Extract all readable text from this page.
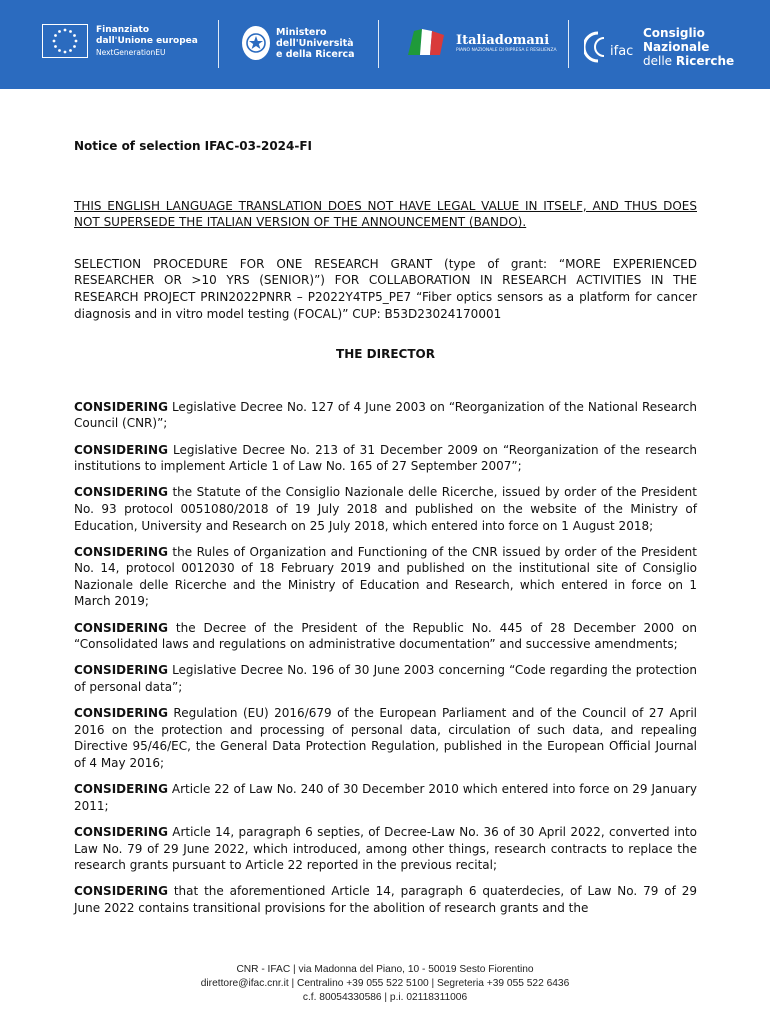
Finanziato
dall'Unione europea
NextGenerationEU
Ministero
dell'Università
e della Ricerca
Italiadomani
PIANO NAZIONALE DI RIPRESA E RESILIENZA	ifac
Consiglio Nazionale
delle Ricerche

Notice of selection IFAC-03-2024-FI

THIS ENGLISH LANGUAGE TRANSLATION DOES NOT HAVE LEGAL VALUE IN ITSELF, AND THUS DOES NOT SUPERSEDE THE ITALIAN VERSION OF THE ANNOUNCEMENT (BANDO).

SELECTION PROCEDURE FOR ONE RESEARCH GRANT (type of grant: “MORE EXPERIENCED RESEARCHER OR >10 YRS (SENIOR)”) FOR COLLABORATION IN RESEARCH ACTIVITIES IN THE RESEARCH PROJECT PRIN2022PNRR – P2022Y4TP5_PE7 “Fiber optics sensors as a platform for cancer diagnosis and in vitro model testing (FOCAL)” CUP: B53D23024170001

THE DIRECTOR

CONSIDERING Legislative Decree No. 127 of 4 June 2003 on “Reorganization of the National Research Council (CNR)”;

CONSIDERING Legislative Decree No. 213 of 31 December 2009 on “Reorganization of the research institutions to implement Article 1 of Law No. 165 of 27 September 2007”;

CONSIDERING the Statute of the Consiglio Nazionale delle Ricerche, issued by order of the President No. 93 protocol 0051080/2018 of 19 July 2018 and published on the website of the Ministry of Education, University and Research on 25 July 2018, which entered into force on 1 August 2018;

CONSIDERING the Rules of Organization and Functioning of the CNR issued by order of the President No. 14, protocol 0012030 of 18 February 2019 and published on the institutional site of Consiglio Nazionale delle Ricerche and the Ministry of Education and Research, which entered in force on 1 March 2019;

CONSIDERING the Decree of the President of the Republic No. 445 of 28 December 2000 on “Consolidated laws and regulations on administrative documentation” and successive amendments;

CONSIDERING Legislative Decree No. 196 of 30 June 2003 concerning “Code regarding the protection of personal data”;

CONSIDERING Regulation (EU) 2016/679 of the European Parliament and of the Council of 27 April 2016 on the protection and processing of personal data, circulation of such data, and repealing Directive 95/46/EC, the General Data Protection Regulation, published in the European Official Journal of 4 May 2016;

CONSIDERING Article 22 of Law No. 240 of 30 December 2010 which entered into force on 29 January 2011;

CONSIDERING Article 14, paragraph 6 septies, of Decree-Law No. 36 of 30 April 2022, converted into Law No. 79 of 29 June 2022, which introduced, among other things, research contracts to replace the research grants pursuant to Article 22 reported in the previous recital;

CONSIDERING that the aforementioned Article 14, paragraph 6 quaterdecies, of Law No. 79 of 29 June 2022 contains transitional provisions for the abolition of research grants and the

CNR - IFAC | via Madonna del Piano, 10 - 50019 Sesto Fiorentino
direttore@ifac.cnr.it | Centralino +39 055 522 5100 | Segreteria +39 055 522 6436
c.f. 80054330586 | p.i. 02118311006
